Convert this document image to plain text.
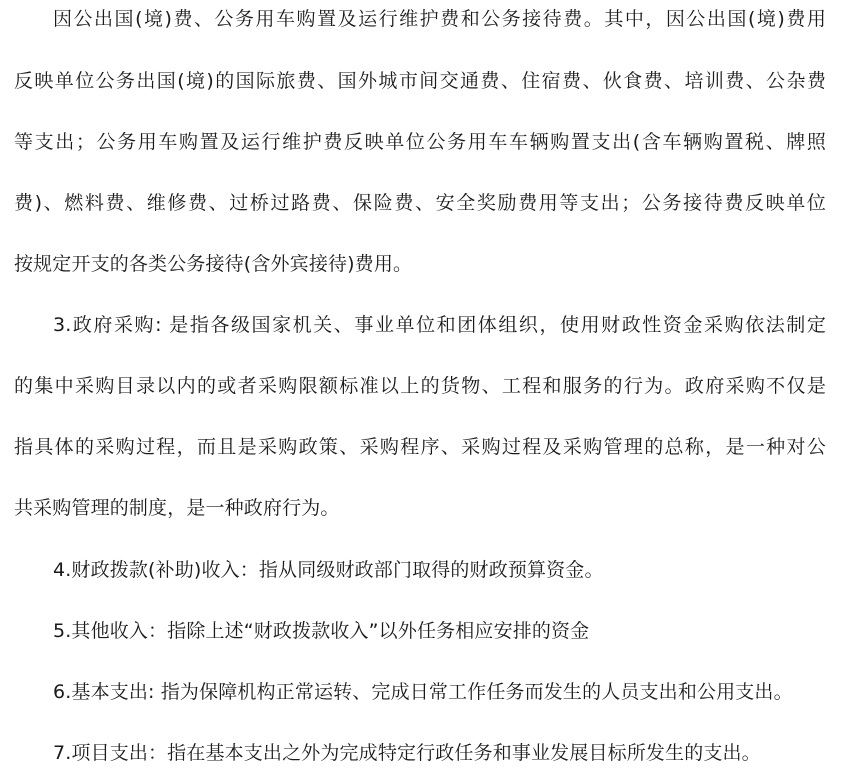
因公出国(境)费、公务用车购置及运行维护费和公务接待费。其中，因公出国(境)费用
反映单位公务出国(境)的国际旅费、国外城市间交通费、住宿费、伙食费、培训费、公杂费
等支出；公务用车购置及运行维护费反映单位公务用车车辆购置支出(含车辆购置税、牌照
费)、燃料费、维修费、过桥过路费、保险费、安全奖励费用等支出；公务接待费反映单位
按规定开支的各类公务接待(含外宾接待)费用。
3.政府采购: 是指各级国家机关、事业单位和团体组织，使用财政性资金采购依法制定
的集中采购目录以内的或者采购限额标准以上的货物、工程和服务的行为。政府采购不仅是
指具体的采购过程，而且是采购政策、采购程序、采购过程及采购管理的总称，是一种对公
共采购管理的制度，是一种政府行为。
4.财政拨款(补助)收入：指从同级财政部门取得的财政预算资金。
5.其他收入：指除上述“财政拨款收入”以外任务相应安排的资金
6.基本支出: 指为保障机构正常运转、完成日常工作任务而发生的人员支出和公用支出。
7.项目支出：指在基本支出之外为完成特定行政任务和事业发展目标所发生的支出。
